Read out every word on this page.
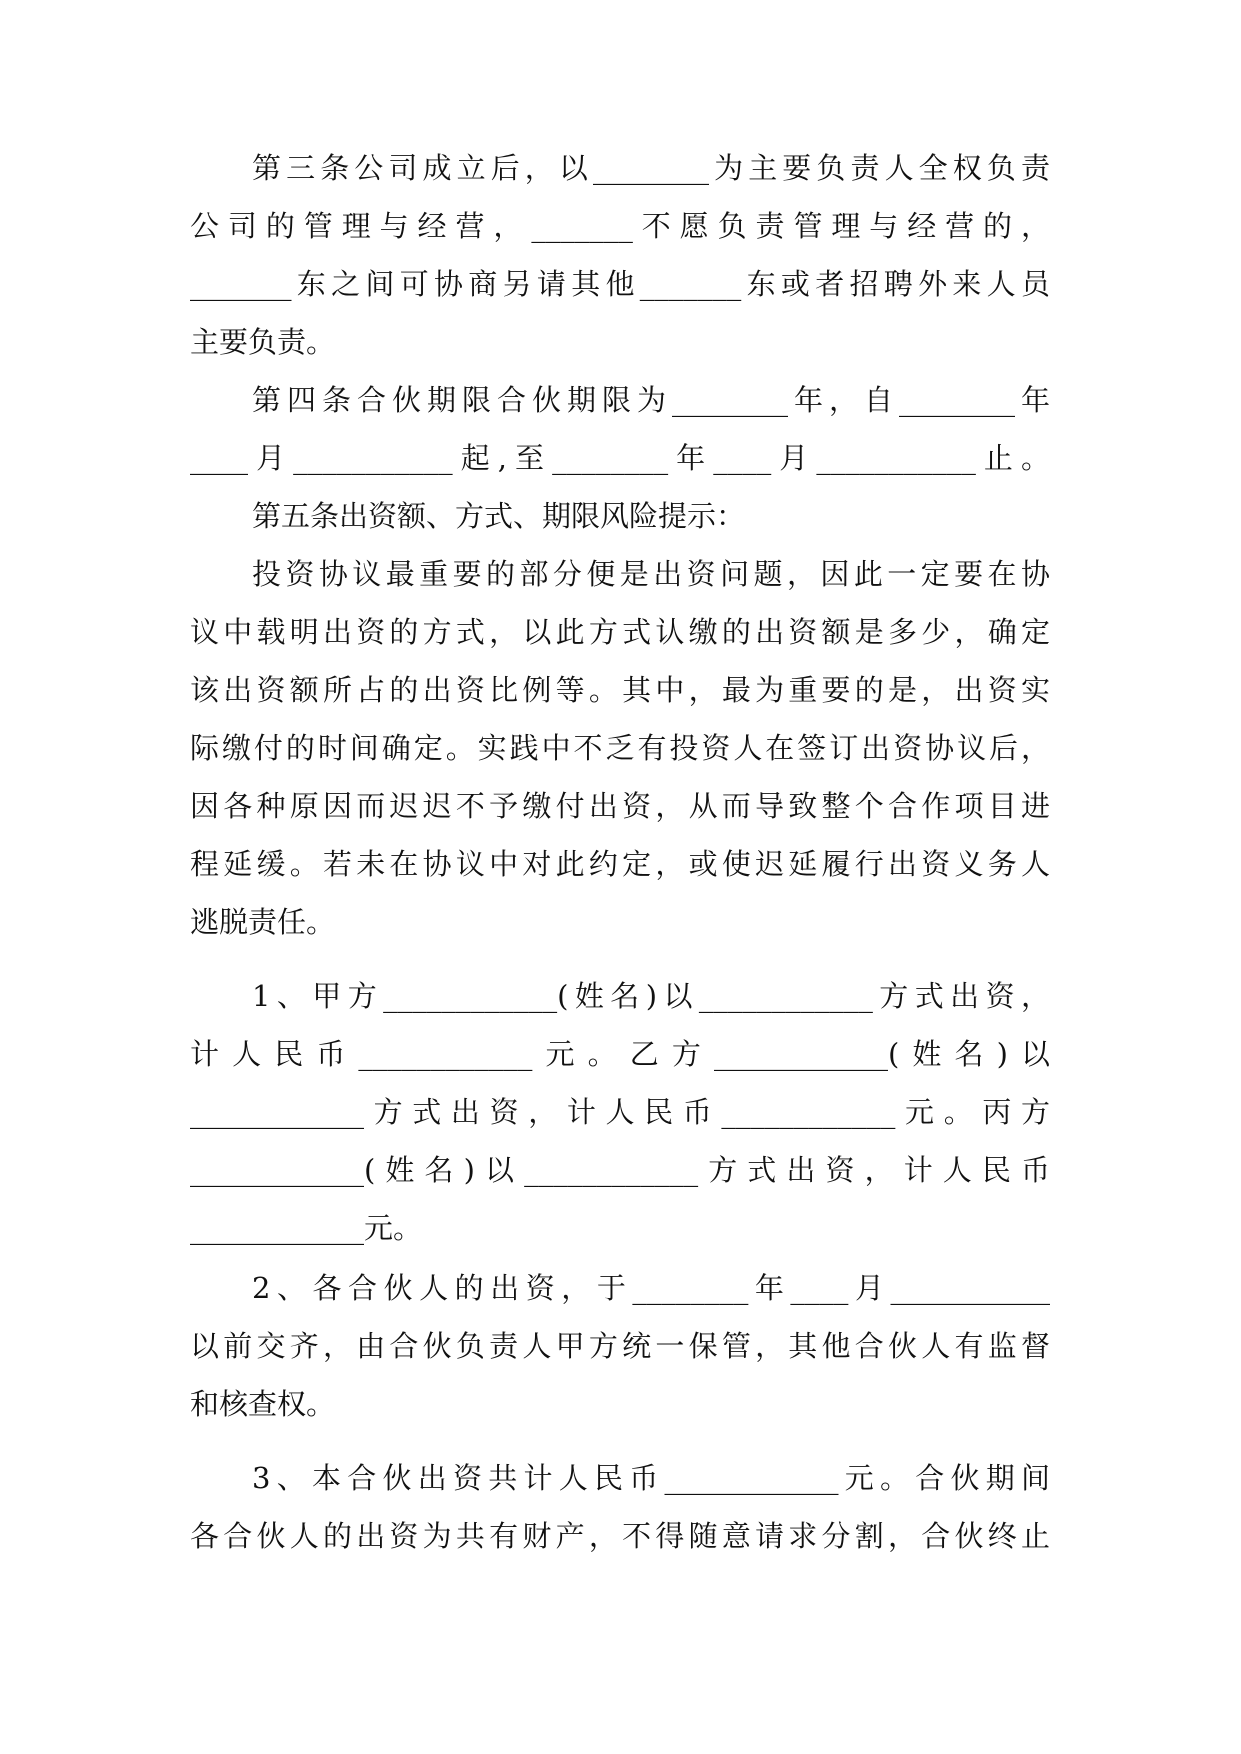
第三条公司成立后，以________为主要负责人全权负责
公司的管理与经营，_______不愿负责管理与经营的，
_______东之间可协商另请其他_______东或者招聘外来人员
主要负责。
第四条合伙期限合伙期限为________年，自________年
____月___________起,至________年____月___________止。
第五条出资额、方式、期限风险提示：
投资协议最重要的部分便是出资问题，因此一定要在协
议中载明出资的方式，以此方式认缴的出资额是多少，确定
该出资额所占的出资比例等。其中，最为重要的是，出资实
际缴付的时间确定。实践中不乏有投资人在签订出资协议后，
因各种原因而迟迟不予缴付出资，从而导致整个合作项目进
程延缓。若未在协议中对此约定，或使迟延履行出资义务人
逃脱责任。
1、甲方____________(姓名)以____________方式出资，
计人民币____________元。乙方____________(姓名)以
____________方式出资，计人民币____________元。丙方
____________(姓名)以____________方式出资，计人民币
____________元。
2、各合伙人的出资，于________年____月___________
以前交齐，由合伙负责人甲方统一保管，其他合伙人有监督
和核查权。
3、本合伙出资共计人民币____________元。合伙期间
各合伙人的出资为共有财产，不得随意请求分割，合伙终止
